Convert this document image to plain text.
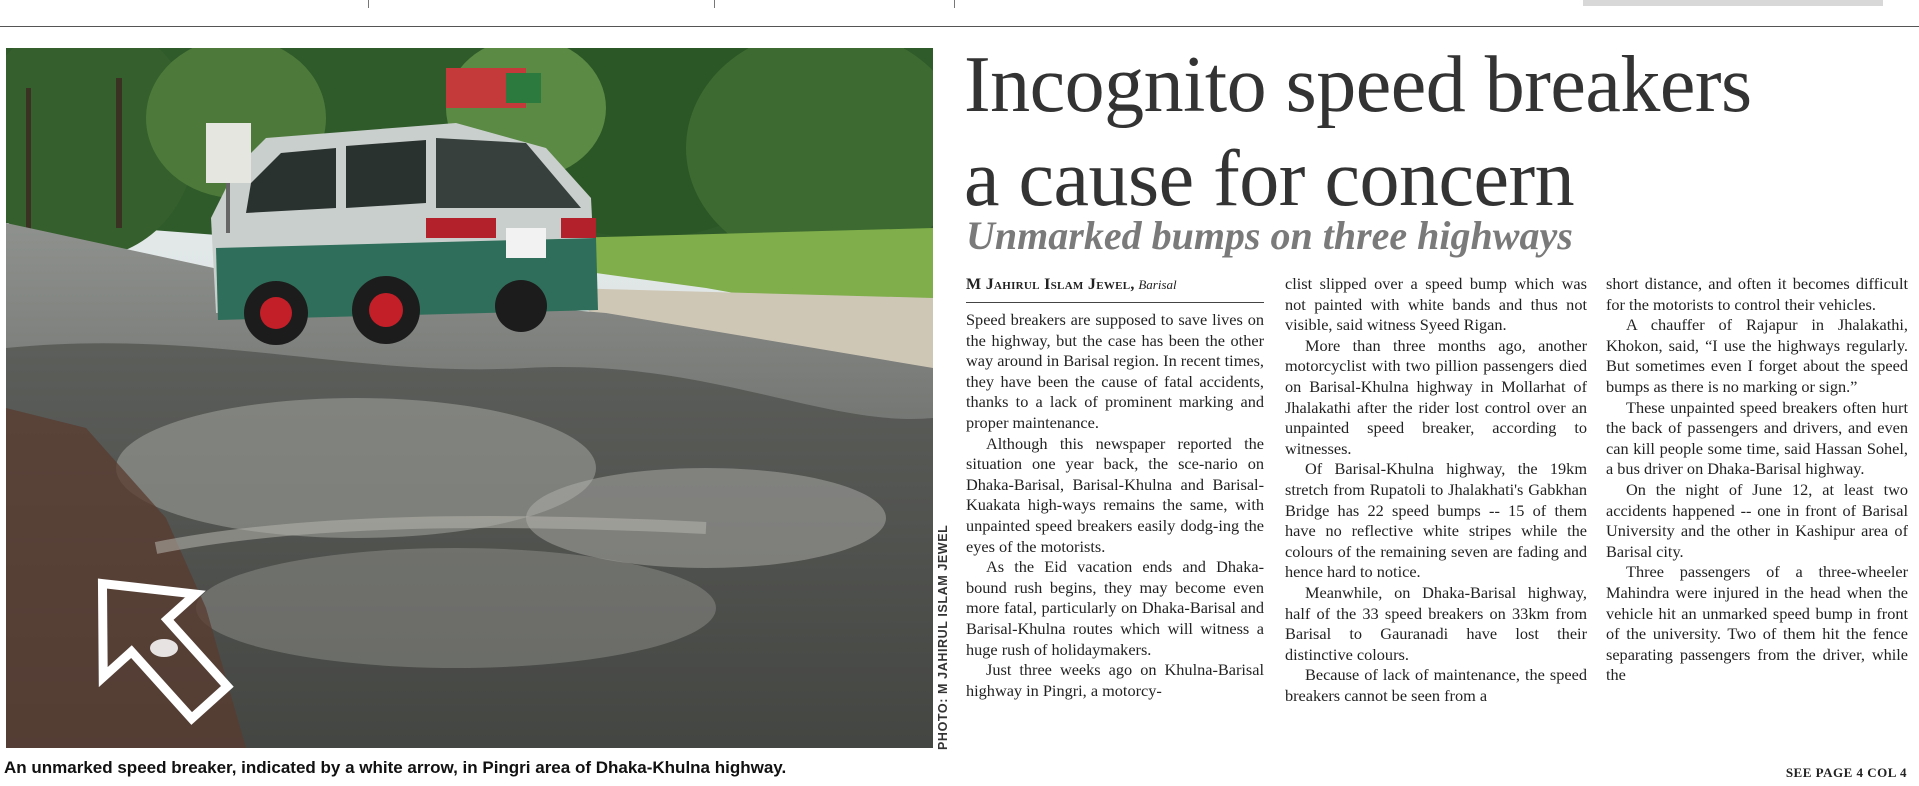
PHOTO: M JAHIRUL ISLAM JEWEL
An unmarked speed breaker, indicated by a white arrow, in Pingri area of Dhaka-Khulna highway.
Incognito speed breakers
a cause for concern
Unmarked bumps on three highways
M Jahirul Islam Jewel, Barisal

Speed breakers are supposed to save lives on the highway, but the case has been the other way around in Barisal region. In recent times, they have been the cause of fatal accidents, thanks to a lack of prominent marking and proper maintenance.

Although this newspaper reported the situation one year back, the sce-nario on Dhaka-Barisal, Barisal-Khulna and Barisal-Kuakata high-ways remains the same, with unpainted speed breakers easily dodg-ing the eyes of the motorists.

As the Eid vacation ends and Dhaka-bound rush begins, they may become even more fatal, particularly on Dhaka-Barisal and Barisal-Khulna routes which will witness a huge rush of holidaymakers.

Just three weeks ago on Khulna-Barisal highway in Pingri, a motorcy-

clist slipped over a speed bump which was not painted with white bands and thus not visible, said witness Syeed Rigan.

More than three months ago, another motorcyclist with two pillion passengers died on Barisal-Khulna highway in Mollarhat of Jhalakathi after the rider lost control over an unpainted speed breaker, according to witnesses.

Of Barisal-Khulna highway, the 19km stretch from Rupatoli to Jhalakhati's Gabkhan Bridge has 22 speed bumps -- 15 of them have no reflective white stripes while the colours of the remaining seven are fading and hence hard to notice.

Meanwhile, on Dhaka-Barisal highway, half of the 33 speed breakers on 33km from Barisal to Gauranadi have lost their distinctive colours.

Because of lack of maintenance, the speed breakers cannot be seen from a

short distance, and often it becomes difficult for the motorists to control their vehicles.

A chauffer of Rajapur in Jhalakathi, Khokon, said, “I use the highways regularly. But sometimes even I forget about the speed bumps as there is no marking or sign.”

These unpainted speed breakers often hurt the back of passengers and drivers, and even can kill people some time, said Hassan Sohel, a bus driver on Dhaka-Barisal highway.

On the night of June 12, at least two accidents happened -- one in front of Barisal University and the other in Kashipur area of Barisal city.

Three passengers of a three-wheeler Mahindra were injured in the head when the vehicle hit an unmarked speed bump in front of the university. Two of them hit the fence separating passengers from the driver, while the

SEE PAGE 4 COL 4
